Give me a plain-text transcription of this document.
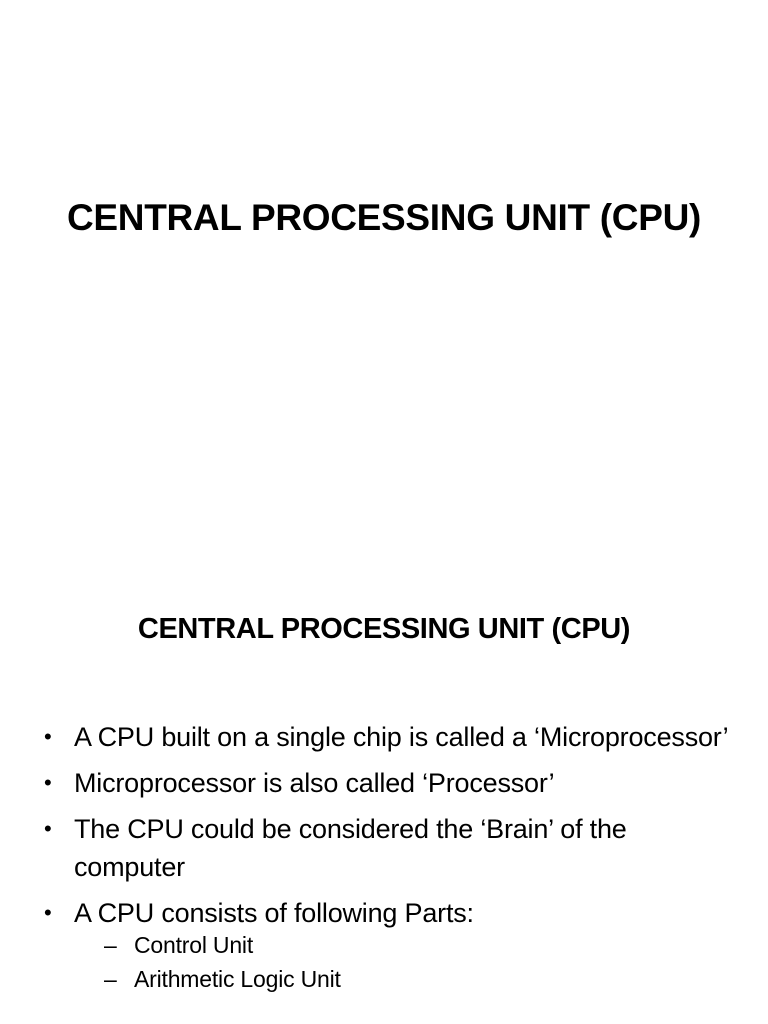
CENTRAL PROCESSING UNIT (CPU)
CENTRAL PROCESSING UNIT (CPU)
• A CPU built on a single chip is called a ‘Microprocessor’
• Microprocessor is also called ‘Processor’
• The CPU could be considered the ‘Brain’ of the computer
• A CPU consists of following Parts:
– Control Unit
– Arithmetic Logic Unit
